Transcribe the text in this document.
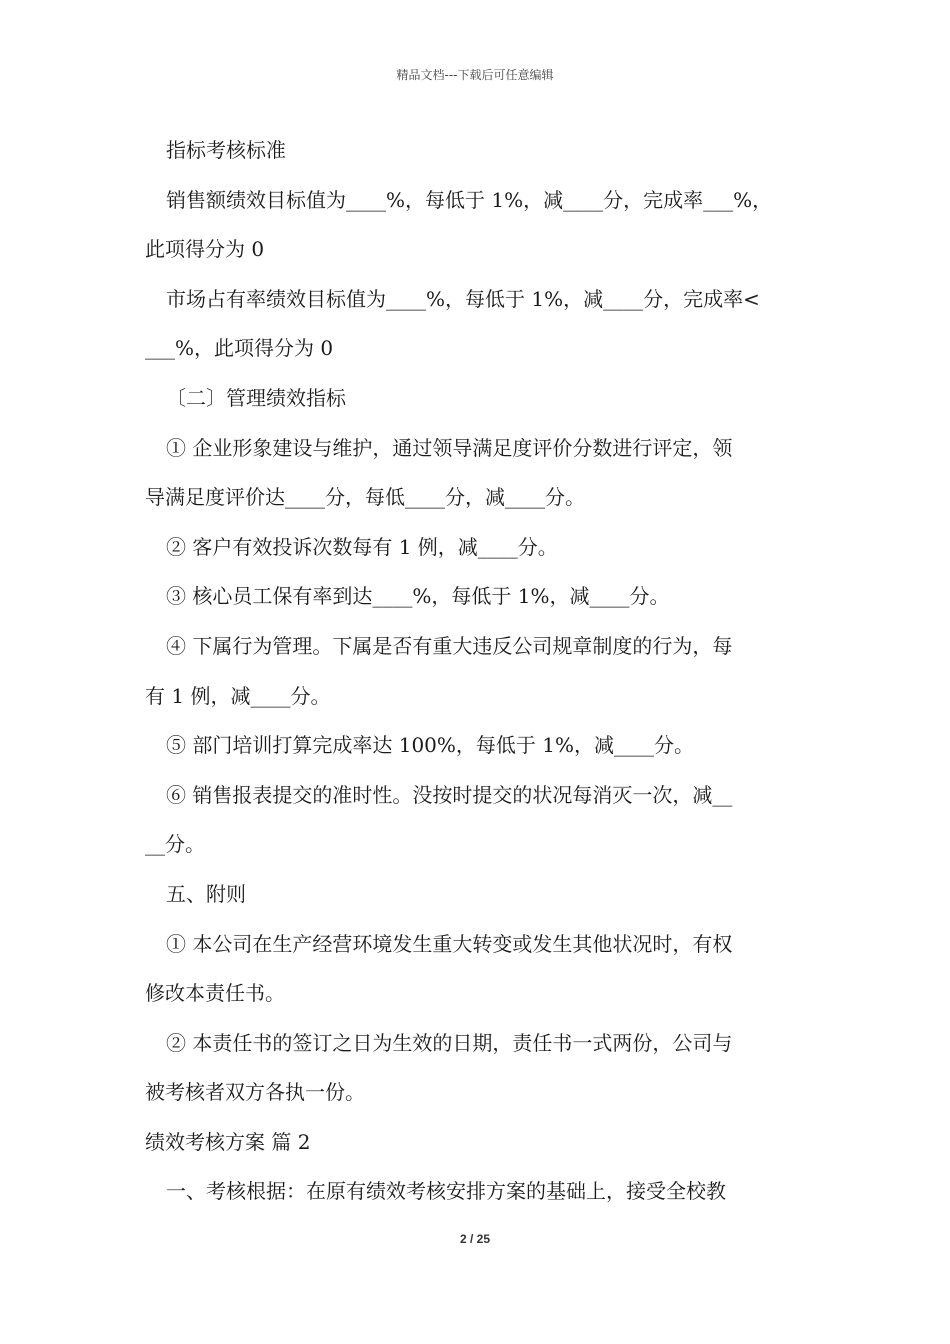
精品文档---下载后可任意编辑
指标考核标准
销售额绩效目标值为____%，每低于 1%，减____分，完成率___%，
此项得分为 0
市场占有率绩效目标值为____%，每低于 1%，减____分，完成率<
___%，此项得分为 0
〔二〕管理绩效指标
① 企业形象建设与维护，通过领导满足度评价分数进行评定，领
导满足度评价达____分，每低____分，减____分。
② 客户有效投诉次数每有 1 例，减____分。
③ 核心员工保有率到达____%，每低于 1%，减____分。
④ 下属行为管理。下属是否有重大违反公司规章制度的行为，每
有 1 例，减____分。
⑤ 部门培训打算完成率达 100%，每低于 1%，减____分。
⑥ 销售报表提交的准时性。没按时提交的状况每消灭一次，减__
__分。
五、附则
① 本公司在生产经营环境发生重大转变或发生其他状况时，有权
修改本责任书。
② 本责任书的签订之日为生效的日期，责任书一式两份，公司与
被考核者双方各执一份。
绩效考核方案 篇 2
一、考核根据：在原有绩效考核安排方案的基础上，接受全校教
2 / 25
